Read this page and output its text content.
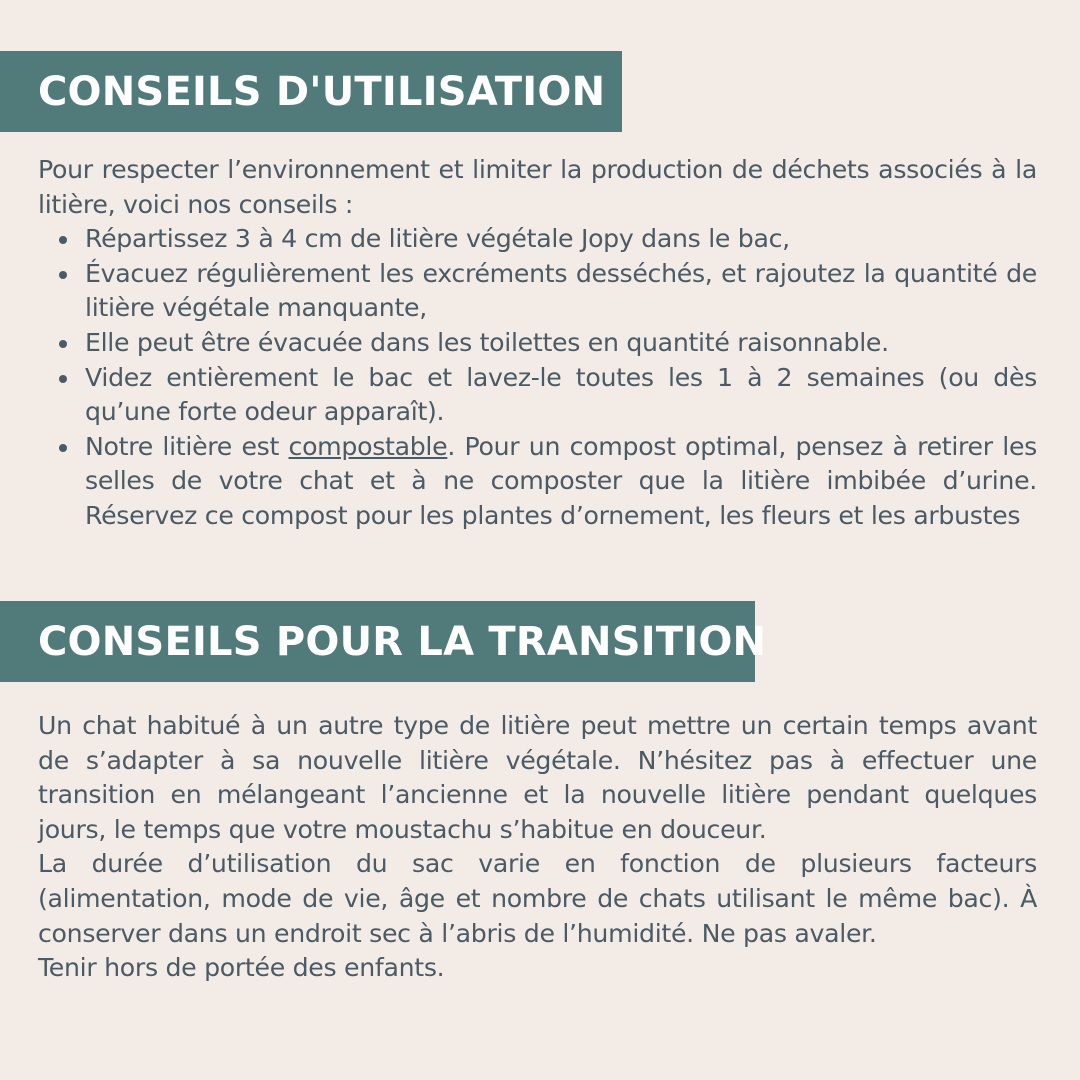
CONSEILS D'UTILISATION

Pour respecter l’environnement et limiter la production de déchets associés à la litière, voici nos conseils :

Répartissez 3 à 4 cm de litière végétale Jopy dans le bac,
Évacuez régulièrement les excréments desséchés, et rajoutez la quantité de litière végétale manquante,
Elle peut être évacuée dans les toilettes en quantité raisonnable.
Videz entièrement le bac et lavez-le toutes les 1 à 2 semaines (ou dès qu’une forte odeur apparaît).
Notre litière est compostable. Pour un compost optimal, pensez à retirer les selles de votre chat et à ne composter que la litière imbibée d’urine. Réservez ce compost pour les plantes d’ornement, les fleurs et les arbustes
CONSEILS POUR LA TRANSITION

Un chat habitué à un autre type de litière peut mettre un certain temps avant de s’adapter à sa nouvelle litière végétale. N’hésitez pas à effectuer une transition en mélangeant l’ancienne et la nouvelle litière pendant quelques jours, le temps que votre moustachu s’habitue en douceur.

La durée d’utilisation du sac varie en fonction de plusieurs facteurs (alimentation, mode de vie, âge et nombre de chats utilisant le même bac). À conserver dans un endroit sec à l’abris de l’humidité. Ne pas avaler.

Tenir hors de portée des enfants.
